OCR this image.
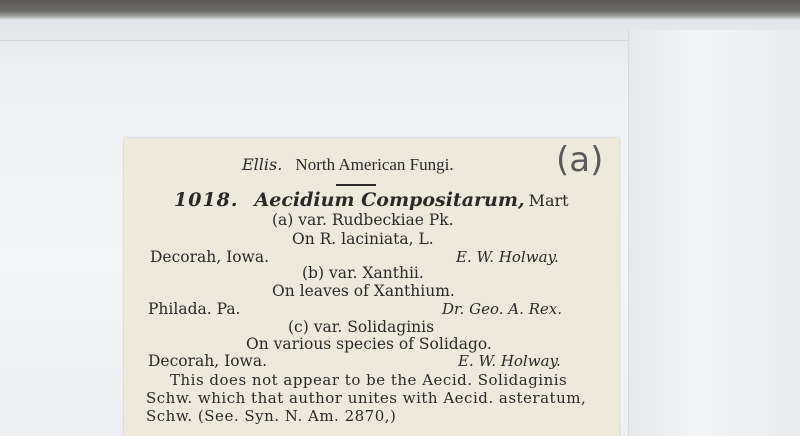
Ellis. North American Fungi.	(a)
1018. Aecidium Compositarum, Mart
(a) var. Rudbeckiae Pk.
On R. laciniata, L.
Decorah, Iowa.	E. W. Holway.
(b) var. Xanthii.
On leaves of Xanthium.
Philada. Pa.	Dr. Geo. A. Rex.
(c) var. Solidaginis
On various species of Solidago.
Decorah, Iowa.	E. W. Holway.
This does not appear to be the Aecid. Solidaginis
Schw. which that author unites with Aecid. asteratum,
Schw. (See. Syn. N. Am. 2870,)
